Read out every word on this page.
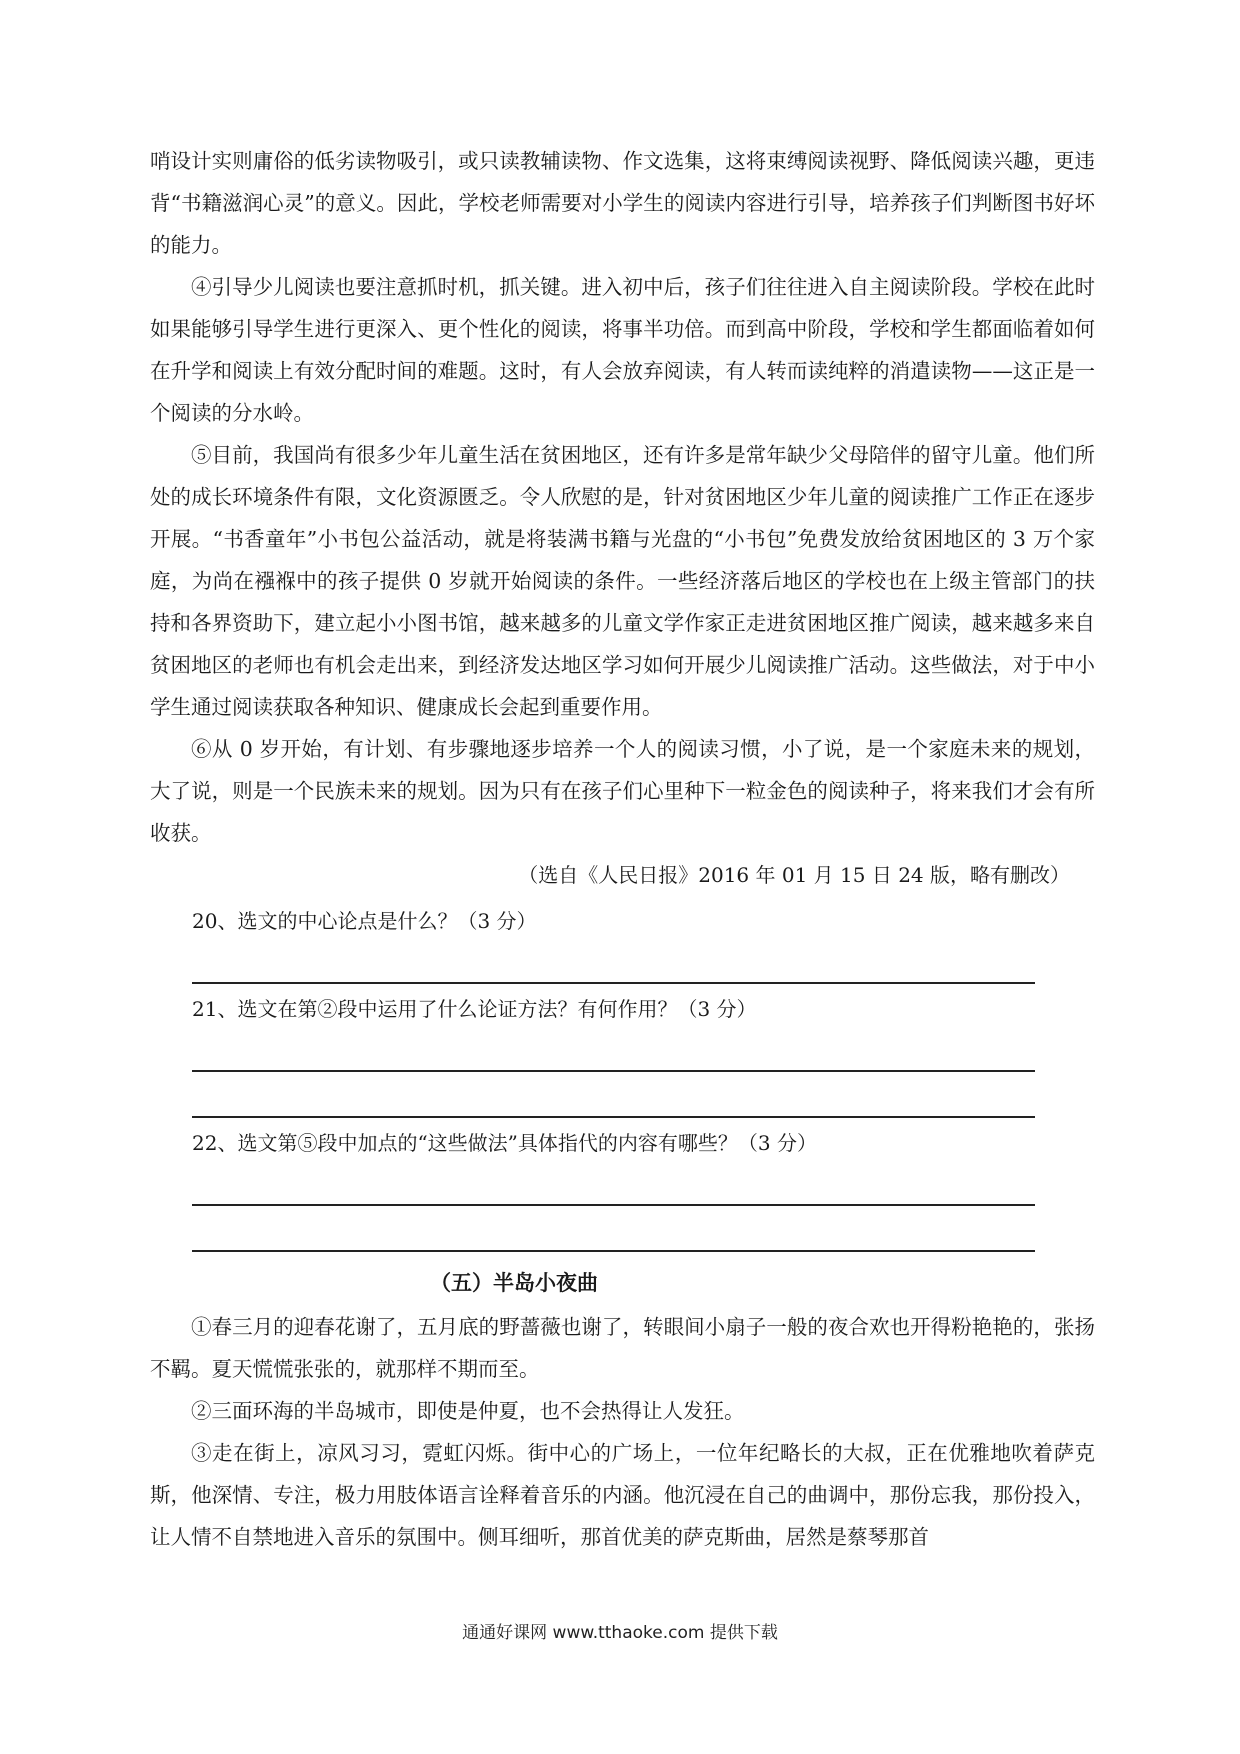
哨设计实则庸俗的低劣读物吸引，或只读教辅读物、作文选集，这将束缚阅读视野、降低阅读兴趣，更违背“书籍滋润心灵”的意义。因此，学校老师需要对小学生的阅读内容进行引导，培养孩子们判断图书好坏的能力。

④引导少儿阅读也要注意抓时机，抓关键。进入初中后，孩子们往往进入自主阅读阶段。学校在此时如果能够引导学生进行更深入、更个性化的阅读，将事半功倍。而到高中阶段，学校和学生都面临着如何在升学和阅读上有效分配时间的难题。这时，有人会放弃阅读，有人转而读纯粹的消遣读物——这正是一个阅读的分水岭。

⑤目前，我国尚有很多少年儿童生活在贫困地区，还有许多是常年缺少父母陪伴的留守儿童。他们所处的成长环境条件有限，文化资源匮乏。令人欣慰的是，针对贫困地区少年儿童的阅读推广工作正在逐步开展。“书香童年”小书包公益活动，就是将装满书籍与光盘的“小书包”免费发放给贫困地区的 3 万个家庭，为尚在襁褓中的孩子提供 0 岁就开始阅读的条件。一些经济落后地区的学校也在上级主管部门的扶持和各界资助下，建立起小小图书馆，越来越多的儿童文学作家正走进贫困地区推广阅读，越来越多来自贫困地区的老师也有机会走出来，到经济发达地区学习如何开展少儿阅读推广活动。这些做法，对于中小学生通过阅读获取各种知识、健康成长会起到重要作用。

⑥从 0 岁开始，有计划、有步骤地逐步培养一个人的阅读习惯，小了说，是一个家庭未来的规划，大了说，则是一个民族未来的规划。因为只有在孩子们心里种下一粒金色的阅读种子，将来我们才会有所收获。

（选自《人民日报》2016 年 01 月 15 日 24 版，略有删改）

20、选文的中心论点是什么？（3 分）

21、选文在第②段中运用了什么论证方法？有何作用？（3 分）

22、选文第⑤段中加点的“这些做法”具体指代的内容有哪些？（3 分）

（五）半岛小夜曲

①春三月的迎春花谢了，五月底的野蔷薇也谢了，转眼间小扇子一般的夜合欢也开得粉艳艳的，张扬不羁。夏天慌慌张张的，就那样不期而至。

②三面环海的半岛城市，即使是仲夏，也不会热得让人发狂。

③走在街上，凉风习习，霓虹闪烁。街中心的广场上，一位年纪略长的大叔，正在优雅地吹着萨克斯，他深情、专注，极力用肢体语言诠释着音乐的内涵。他沉浸在自己的曲调中，那份忘我，那份投入，让人情不自禁地进入音乐的氛围中。侧耳细听，那首优美的萨克斯曲，居然是蔡琴那首

通通好课网 www.tthaoke.com 提供下载
